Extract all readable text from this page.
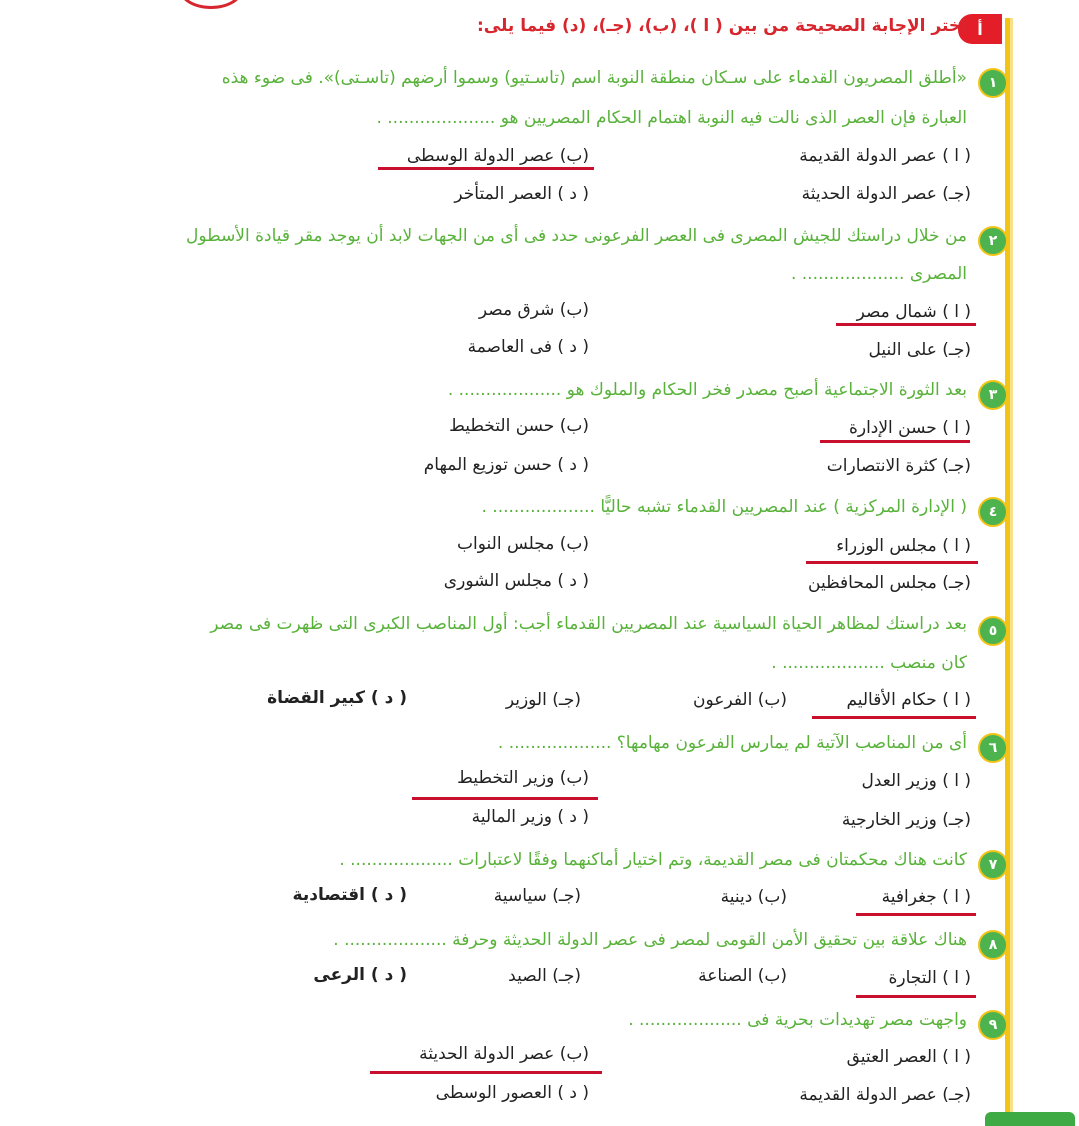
أ
اختر الإجابة الصحيحة من بين ( ا )، (ب)، (جـ)، (د) فيما يلى:
١
«أطلق المصريون القدماء على سـكان منطقة النوبة اسم (تاسـتيو) وسموا أرضهم (تاسـتى)». فى ضوء هذه
العبارة فإن العصر الذى نالت فيه النوبة اهتمام الحكام المصريين هو .................... .
( ا ) عصر الدولة القديمة
(ب) عصر الدولة الوسطى
(جـ) عصر الدولة الحديثة
( د ) العصر المتأخر
٢
من خلال دراستك للجيش المصرى فى العصر الفرعونى حدد فى أى من الجهات لابد أن يوجد مقر قيادة الأسطول
المصرى ................... .
( ا ) شمال مصر
(ب) شرق مصر
(جـ) على النيل
( د ) فى العاصمة
٣
بعد الثورة الاجتماعية أصبح مصدر فخر الحكام والملوك هو ................... .
( ا ) حسن الإدارة
(ب) حسن التخطيط
(جـ) كثرة الانتصارات
( د ) حسن توزيع المهام
٤
( الإدارة المركزية ) عند المصريين القدماء تشبه حاليًّا ................... .
( ا ) مجلس الوزراء
(ب) مجلس النواب
(جـ) مجلس المحافظين
( د ) مجلس الشورى
٥
بعد دراستك لمظاهر الحياة السياسية عند المصريين القدماء أجب: أول المناصب الكبرى التى ظهرت فى مصر
كان منصب ................... .
( ا ) حكام الأقاليم
(ب) الفرعون
(جـ) الوزير
( د ) كبير القضاة
٦
أى من المناصب الآتية لم يمارس الفرعون مهامها؟ ................... .
( ا ) وزير العدل
(ب) وزير التخطيط
(جـ) وزير الخارجية
( د ) وزير المالية
٧
كانت هناك محكمتان فى مصر القديمة، وتم اختيار أماكنهما وفقًا لاعتبارات ................... .
( ا ) جغرافية
(ب) دينية
(جـ) سياسية
( د ) اقتصادية
٨
هناك علاقة بين تحقيق الأمن القومى لمصر فى عصر الدولة الحديثة وحرفة ................... .
( ا ) التجارة
(ب) الصناعة
(جـ) الصيد
( د ) الرعى
٩
واجهت مصر تهديدات بحرية فى ................... .
( ا ) العصر العتيق
(ب) عصر الدولة الحديثة
(جـ) عصر الدولة القديمة
( د ) العصور الوسطى
